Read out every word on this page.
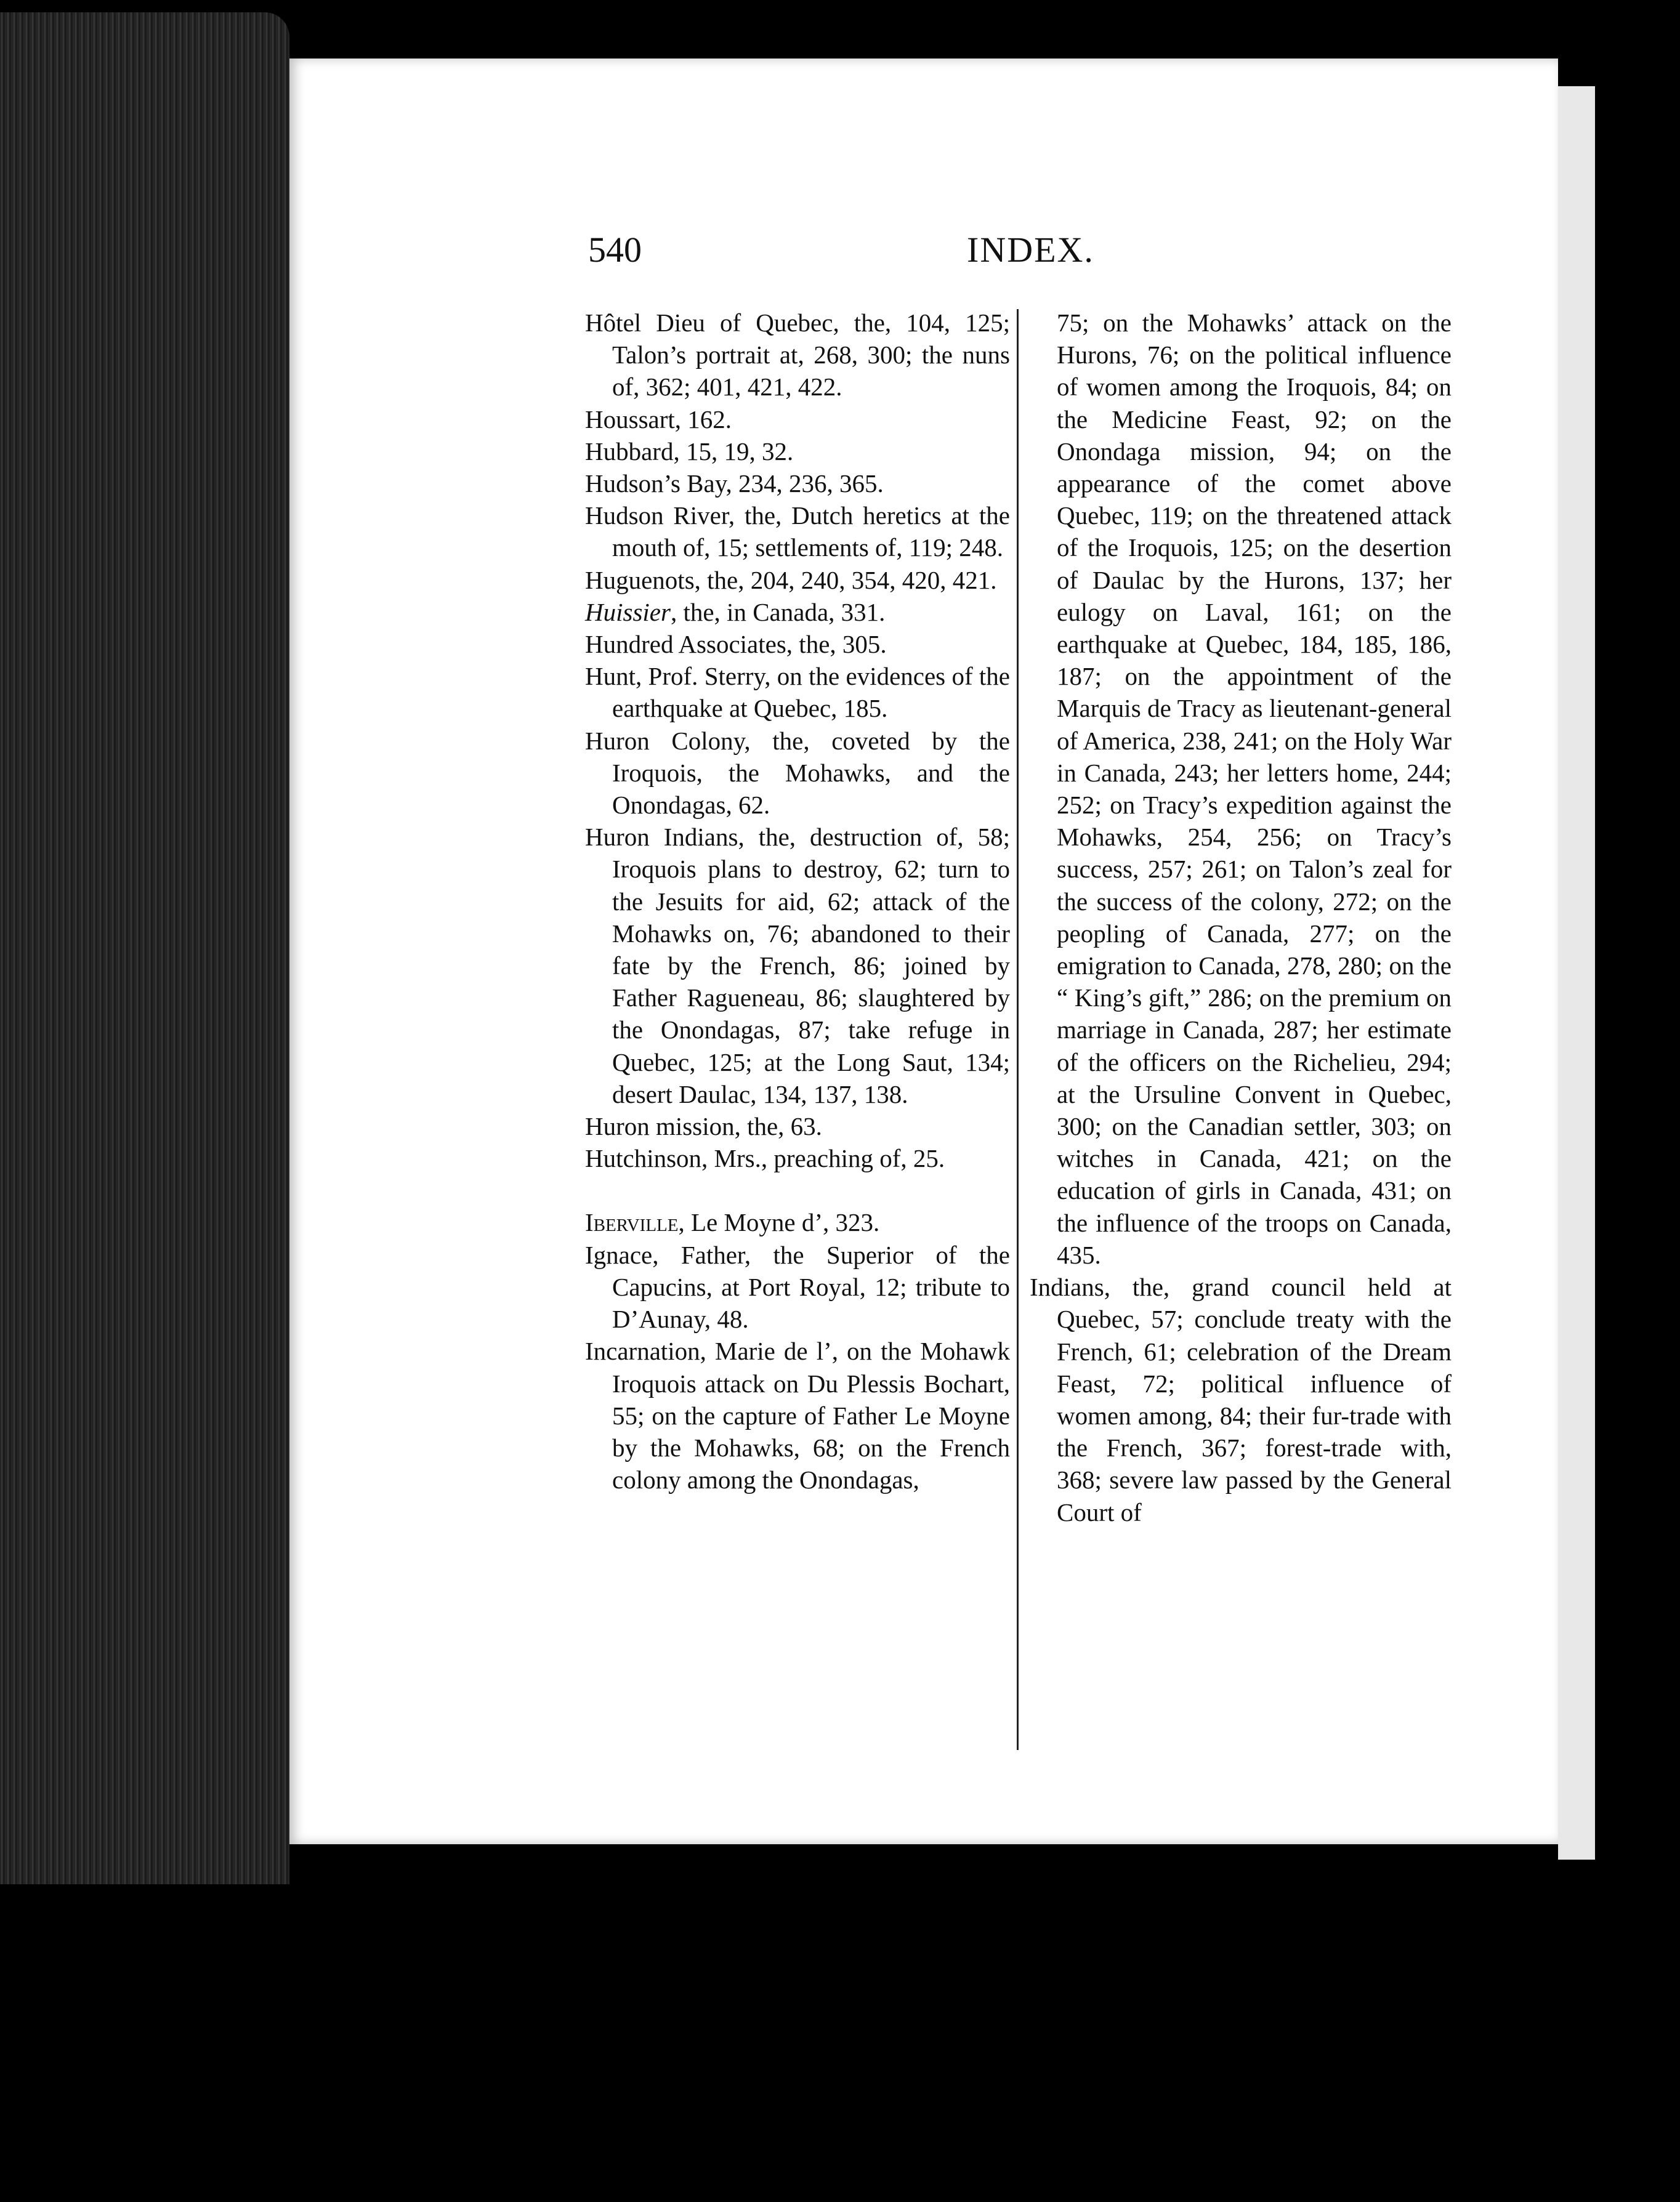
540	INDEX.

Hôtel Dieu of Quebec, the, 104, 125; Talon’s portrait at, 268, 300; the nuns of, 362; 401, 421, 422.

Houssart, 162.

Hubbard, 15, 19, 32.

Hudson’s Bay, 234, 236, 365.

Hudson River, the, Dutch heretics at the mouth of, 15; settlements of, 119; 248.

Huguenots, the, 204, 240, 354, 420, 421.

Huissier, the, in Canada, 331.

Hundred Associates, the, 305.

Hunt, Prof. Sterry, on the evidences of the earthquake at Quebec, 185.

Huron Colony, the, coveted by the Iroquois, the Mohawks, and the Onondagas, 62.

Huron Indians, the, destruction of, 58; Iroquois plans to destroy, 62; turn to the Jesuits for aid, 62; attack of the Mohawks on, 76; abandoned to their fate by the French, 86; joined by Father Ragueneau, 86; slaughtered by the Onondagas, 87; take refuge in Quebec, 125; at the Long Saut, 134; desert Daulac, 134, 137, 138.

Huron mission, the, 63.

Hutchinson, Mrs., preaching of, 25.

Iberville, Le Moyne d’, 323.

Ignace, Father, the Superior of the Capucins, at Port Royal, 12; tribute to D’Aunay, 48.

Incarnation, Marie de l’, on the Mohawk Iroquois attack on Du Plessis Bochart, 55; on the capture of Father Le Moyne by the Mohawks, 68; on the French colony among the Onondagas,

75; on the Mohawks’ attack on the Hurons, 76; on the political influence of women among the Iroquois, 84; on the Medicine Feast, 92; on the Onondaga mission, 94; on the appearance of the comet above Quebec, 119; on the threatened attack of the Iroquois, 125; on the desertion of Daulac by the Hurons, 137; her eulogy on Laval, 161; on the earthquake at Quebec, 184, 185, 186, 187; on the appointment of the Marquis de Tracy as lieutenant-general of America, 238, 241; on the Holy War in Canada, 243; her letters home, 244; 252; on Tracy’s expedition against the Mohawks, 254, 256; on Tracy’s success, 257; 261; on Talon’s zeal for the success of the colony, 272; on the peopling of Canada, 277; on the emigration to Canada, 278, 280; on the “ King’s gift,” 286; on the premium on marriage in Canada, 287; her estimate of the officers on the Richelieu, 294; at the Ursuline Convent in Quebec, 300; on the Canadian settler, 303; on witches in Canada, 421; on the education of girls in Canada, 431; on the influence of the troops on Canada, 435.

Indians, the, grand council held at Quebec, 57; conclude treaty with the French, 61; celebration of the Dream Feast, 72; political influence of women among, 84; their fur-trade with the French, 367; forest-trade with, 368; severe law passed by the General Court of
